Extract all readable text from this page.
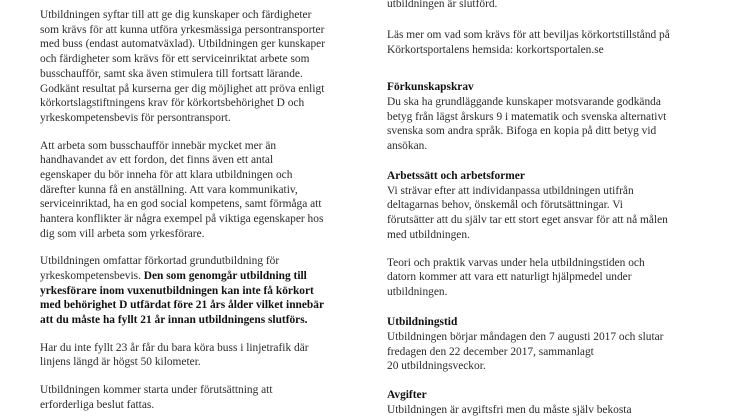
Utbildningen syftar till att ge dig kunskaper och färdigheter

som krävs för att kunna utföra yrkesmässiga persontransporter

med buss (endast automatväxlad). Utbildningen ger kunskaper

och färdigheter som krävs för ett serviceinriktat arbete som

busschaufför, samt ska även stimulera till fortsatt lärande.

Godkänt resultat på kurserna ger dig möjlighet att pröva enligt

körkortslagstiftningens krav för körkortsbehörighet D och

yrkeskompetensbevis för persontransport.

Att arbeta som busschaufför innebär mycket mer än

handhavandet av ett fordon, det finns även ett antal

egenskaper du bör inneha för att klara utbildningen och

därefter kunna få en anställning. Att vara kommunikativ,

serviceinriktad, ha en god social kompetens, samt förmåga att

hantera konflikter är några exempel på viktiga egenskaper hos

dig som vill arbeta som yrkesförare.

Utbildningen omfattar förkortad grundutbildning för

yrkeskompetensbevis. Den som genomgår utbildning till

yrkesförare inom vuxenutbildningen kan inte få körkort

med behörighet D utfärdat före 21 års ålder vilket innebär

att du måste ha fyllt 21 år innan utbildningens slutförs.

Har du inte fyllt 23 år får du bara köra buss i linjetrafik där

linjens längd är högst 50 kilometer.

Utbildningen kommer starta under förutsättning att

erforderliga beslut fattas.

utbildningen är slutförd.

Läs mer om vad som krävs för att beviljas körkortstillstånd på

Körkortsportalens hemsida: korkortsportalen.se

Förkunskapskrav

Du ska ha grundläggande kunskaper motsvarande godkända

betyg från lägst årskurs 9 i matematik och svenska alternativt

svenska som andra språk. Bifoga en kopia på ditt betyg vid

ansökan.

Arbetssätt och arbetsformer

Vi strävar efter att individanpassa utbildningen utifrån

deltagarnas behov, önskemål och förutsättningar. Vi

förutsätter att du själv tar ett stort eget ansvar för att nå målen

med utbildningen.

Teori och praktik varvas under hela utbildningstiden och

datorn kommer att vara ett naturligt hjälpmedel under

utbildningen.

Utbildningstid

Utbildningen börjar måndagen den 7 augusti 2017 och slutar

fredagen den 22 december 2017, sammanlagt

20 utbildningsveckor.

Avgifter

Utbildningen är avgiftsfri men du måste själv bekosta
